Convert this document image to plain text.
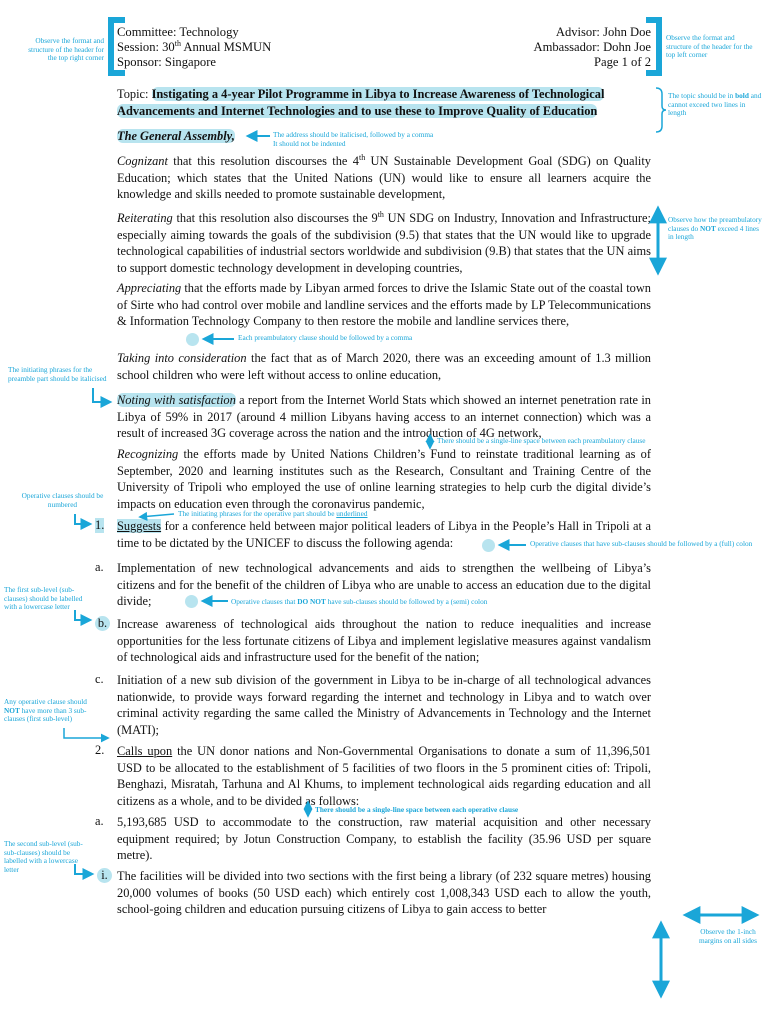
Committee: Technology
Session: 30th Annual MSMUN
Sponsor: Singapore
Advisor: John Doe
Ambassador: Dohn Joe
Page 1 of 2
Topic: Instigating a 4-year Pilot Programme in Libya to Increase Awareness of Technological
Advancements and Internet Technologies and to use these to Improve Quality of Education
The General Assembly,
Cognizant that this resolution discourses the 4th UN Sustainable Development Goal (SDG) on Quality Education; which states that the United Nations (UN) would like to ensure all learners acquire the knowledge and skills needed to promote sustainable development,
Reiterating that this resolution also discourses the 9th UN SDG on Industry, Innovation and Infrastructure; especially aiming towards the goals of the subdivision (9.5) that states that the UN would like to upgrade technological capabilities of industrial sectors worldwide and subdivision (9.B) that states that the UN aims to support domestic technology development in developing countries,
Appreciating that the efforts made by Libyan armed forces to drive the Islamic State out of the coastal town of Sirte who had control over mobile and landline services and the efforts made by LP Telecommunications & Information Technology Company to then restore the mobile and landline services there,
Taking into consideration the fact that as of March 2020, there was an exceeding amount of 1.3 million school children who were left without access to online education,
Noting with satisfaction a report from the Internet World Stats which showed an internet penetration rate in Libya of 59% in 2017 (around 4 million Libyans having access to an internet connection) which was a result of increased 3G coverage across the nation and the introduction of 4G network,
Recognizing the efforts made by United Nations Children’s Fund to reinstate traditional learning as of September, 2020 and learning institutes such as the Research, Consultant and Training Centre of the University of Tripoli who employed the use of online learning strategies to help curb the digital divide’s impacts on education even through the coronavirus pandemic,
1. Suggests for a conference held between major political leaders of Libya in the People’s Hall in Tripoli at a time to be dictated by the UNICEF to discuss the following agenda:
a. Implementation of new technological advancements and aids to strengthen the wellbeing of Libya’s citizens and for the benefit of the children of Libya who are unable to access an education due to the digital divide;
b. Increase awareness of technological aids throughout the nation to reduce inequalities and increase opportunities for the less fortunate citizens of Libya and implement legislative measures against vandalism of technological aids and infrastructure used for the benefit of the nation;
c. Initiation of a new sub division of the government in Libya to be in-charge of all technological advances nationwide, to provide ways forward regarding the internet and technology in Libya and to watch over criminal activity regarding the same called the Ministry of Advancements in Technology and the Internet (MATI);
2. Calls upon the UN donor nations and Non-Governmental Organisations to donate a sum of 11,396,501 USD to be allocated to the establishment of 5 facilities of two floors in the 5 prominent cities of: Tripoli, Benghazi, Misratah, Tarhuna and Al Khums, to implement technological aids regarding education and all citizens as a whole, and to be divided as follows:
a. 5,193,685 USD to accommodate to the construction, raw material acquisition and other necessary equipment required; by Jotun Construction Company, to establish the facility (35.96 USD per square metre).
i. The facilities will be divided into two sections with the first being a library (of 232 square metres) housing 20,000 volumes of books (50 USD each) which entirely cost 1,008,343 USD each to allow the youth, school-going children and education pursuing citizens of Libya to gain access to better
Observe the format and structure of the header for the top right corner
Observe the format and structure of the header for the top left corner
The topic should be in bold and cannot exceed two lines in length
The address should be italicised, followed by a comma
It should not be indented
Observe how the preambulatory clauses do NOT exceed 4 lines in length
Each preambulatory clause should be followed by a comma
The initiating phrases for the preamble part should be italicised
There should be a single-line space between each preambulatory clause
Operative clauses should be numbered
The initiating phrases for the operative part should be underlined
Operative clauses that have sub-clauses should be followed by a (full) colon
The first sub-level (sub-clauses) should be labelled with a lowercase letter
Operative clauses that DO NOT have sub-clauses should be followed by a (semi) colon
Any operative clause should NOT have more than 3 sub-clauses (first sub-level)
There should be a single-line space between each operative clause
The second sub-level (sub-sub-clauses) should be labelled with a lowercase letter
Observe the 1-inch margins on all sides
